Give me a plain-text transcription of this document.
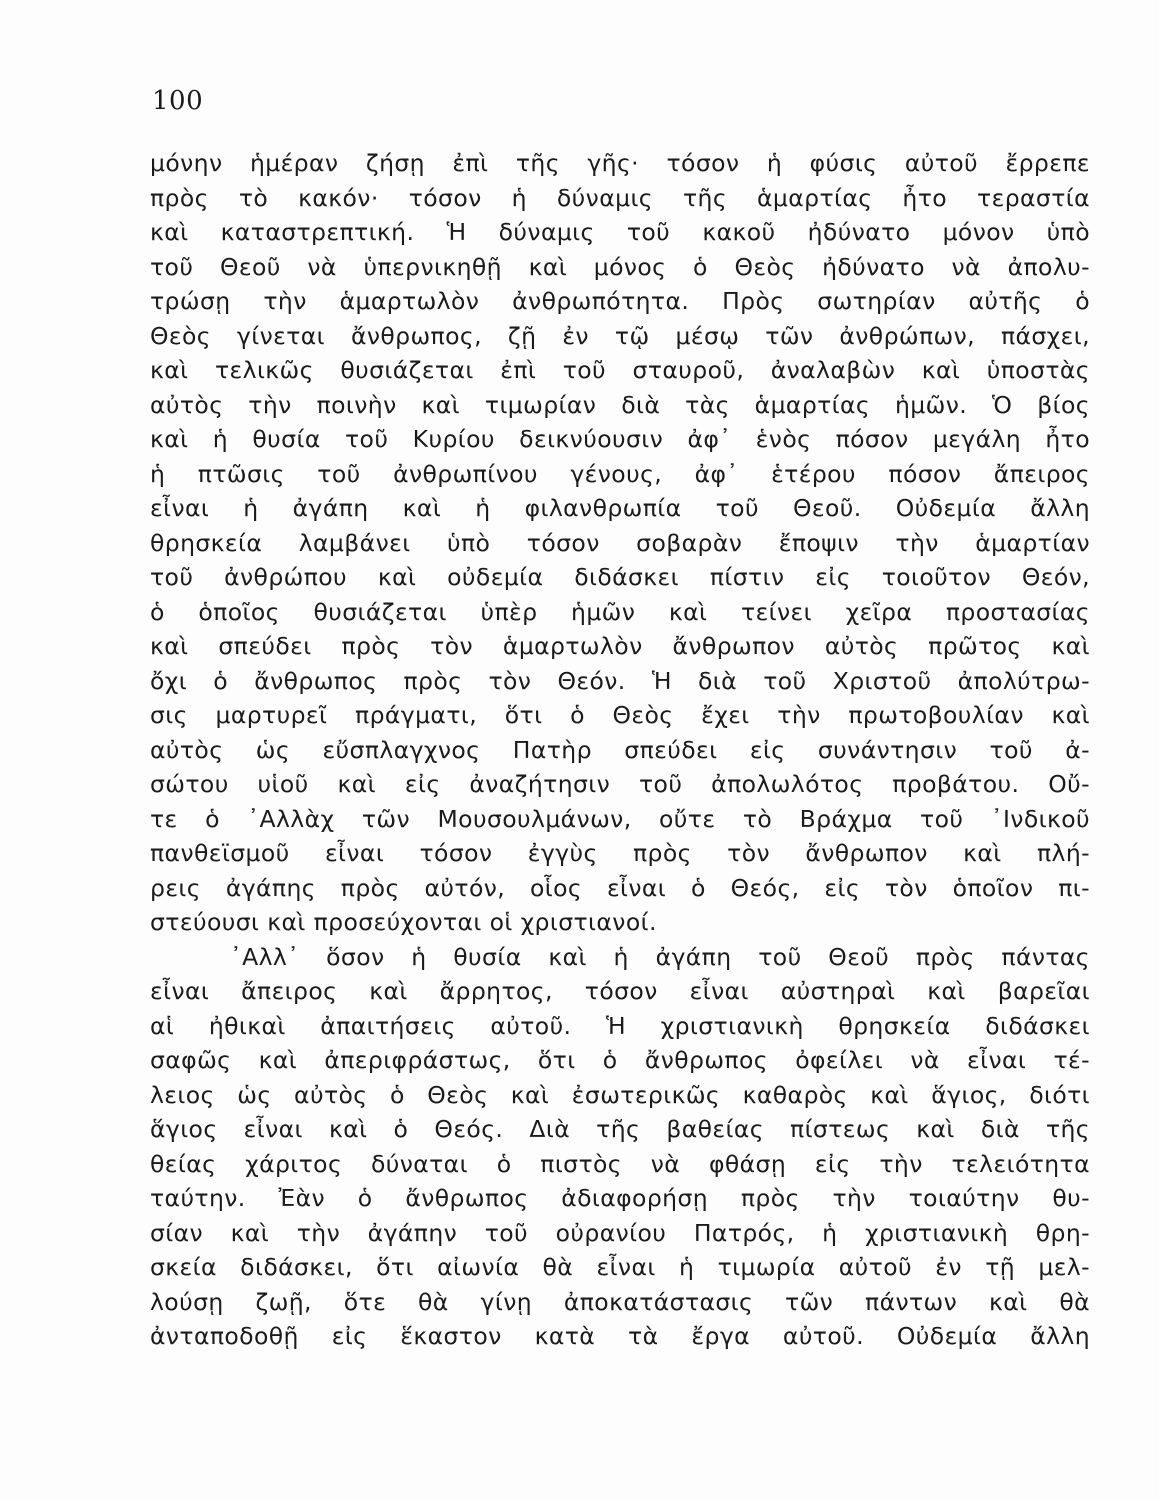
100
μόνην ἡμέραν ζήσῃ ἐπὶ τῆς γῆς· τόσον ἡ φύσις αὐτοῦ ἔρρεπε
πρὸς τὸ κακόν· τόσον ἡ δύναμις τῆς ἁμαρτίας ἦτο τεραστία
καὶ καταστρεπτική. Ἡ δύναμις τοῦ κακοῦ ἠδύνατο μόνον ὑπὸ
τοῦ Θεοῦ νὰ ὑπερνικηθῇ καὶ μόνος ὁ Θεὸς ἠδύνατο νὰ ἀπολυ-
τρώσῃ τὴν ἁμαρτωλὸν ἀνθρωπότητα. Πρὸς σωτηρίαν αὐτῆς ὁ
Θεὸς γίνεται ἄνθρωπος, ζῇ ἐν τῷ μέσῳ τῶν ἀνθρώπων, πάσχει,
καὶ τελικῶς θυσιάζεται ἐπὶ τοῦ σταυροῦ, ἀναλαβὼν καὶ ὑποστὰς
αὐτὸς τὴν ποινὴν καὶ τιμωρίαν διὰ τὰς ἁμαρτίας ἡμῶν. Ὁ βίος
καὶ ἡ θυσία τοῦ Κυρίου δεικνύουσιν ἀφ᾿ ἑνὸς πόσον μεγάλη ἦτο
ἡ πτῶσις τοῦ ἀνθρωπίνου γένους, ἀφ᾿ ἑτέρου πόσον ἄπειρος
εἶναι ἡ ἀγάπη καὶ ἡ φιλανθρωπία τοῦ Θεοῦ. Οὐδεμία ἄλλη
θρησκεία λαμβάνει ὑπὸ τόσον σοβαρὰν ἔποψιν τὴν ἁμαρτίαν
τοῦ ἀνθρώπου καὶ οὐδεμία διδάσκει πίστιν εἰς τοιοῦτον Θεόν,
ὁ ὁποῖος θυσιάζεται ὑπὲρ ἡμῶν καὶ τείνει χεῖρα προστασίας
καὶ σπεύδει πρὸς τὸν ἁμαρτωλὸν ἄνθρωπον αὐτὸς πρῶτος καὶ
ὄχι ὁ ἄνθρωπος πρὸς τὸν Θεόν. Ἡ διὰ τοῦ Χριστοῦ ἀπολύτρω-
σις μαρτυρεῖ πράγματι, ὅτι ὁ Θεὸς ἔχει τὴν πρωτοβουλίαν καὶ
αὐτὸς ὡς εὔσπλαγχνος Πατὴρ σπεύδει εἰς συνάντησιν τοῦ ἀ-
σώτου υἱοῦ καὶ εἰς ἀναζήτησιν τοῦ ἀπολωλότος προβάτου. Οὔ-
τε ὁ ᾿Αλλὰχ τῶν Μουσουλμάνων, οὔτε τὸ Βράχμα τοῦ ᾿Ινδικοῦ
πανθεϊσμοῦ εἶναι τόσον ἐγγὺς πρὸς τὸν ἄνθρωπον καὶ πλή-
ρεις ἀγάπης πρὸς αὐτόν, οἷος εἶναι ὁ Θεός, εἰς τὸν ὁποῖον πι-
στεύουσι καὶ προσεύχονται οἱ χριστιανοί.
᾿Αλλ᾿ ὅσον ἡ θυσία καὶ ἡ ἀγάπη τοῦ Θεοῦ πρὸς πάντας
εἶναι ἄπειρος καὶ ἄρρητος, τόσον εἶναι αὐστηραὶ καὶ βαρεῖαι
αἱ ἠθικαὶ ἀπαιτήσεις αὐτοῦ. Ἡ χριστιανικὴ θρησκεία διδάσκει
σαφῶς καὶ ἀπεριφράστως, ὅτι ὁ ἄνθρωπος ὀφείλει νὰ εἶναι τέ-
λειος ὡς αὐτὸς ὁ Θεὸς καὶ ἐσωτερικῶς καθαρὸς καὶ ἅγιος, διότι
ἅγιος εἶναι καὶ ὁ Θεός. Διὰ τῆς βαθείας πίστεως καὶ διὰ τῆς
θείας χάριτος δύναται ὁ πιστὸς νὰ φθάσῃ εἰς τὴν τελειότητα
ταύτην. Ἐὰν ὁ ἄνθρωπος ἀδιαφορήσῃ πρὸς τὴν τοιαύτην θυ-
σίαν καὶ τὴν ἀγάπην τοῦ οὐρανίου Πατρός, ἡ χριστιανικὴ θρη-
σκεία διδάσκει, ὅτι αἰωνία θὰ εἶναι ἡ τιμωρία αὐτοῦ ἐν τῇ μελ-
λούσῃ ζωῇ, ὅτε θὰ γίνῃ ἀποκατάστασις τῶν πάντων καὶ θὰ
ἀνταποδοθῇ εἰς ἕκαστον κατὰ τὰ ἔργα αὐτοῦ. Οὐδεμία ἄλλη
